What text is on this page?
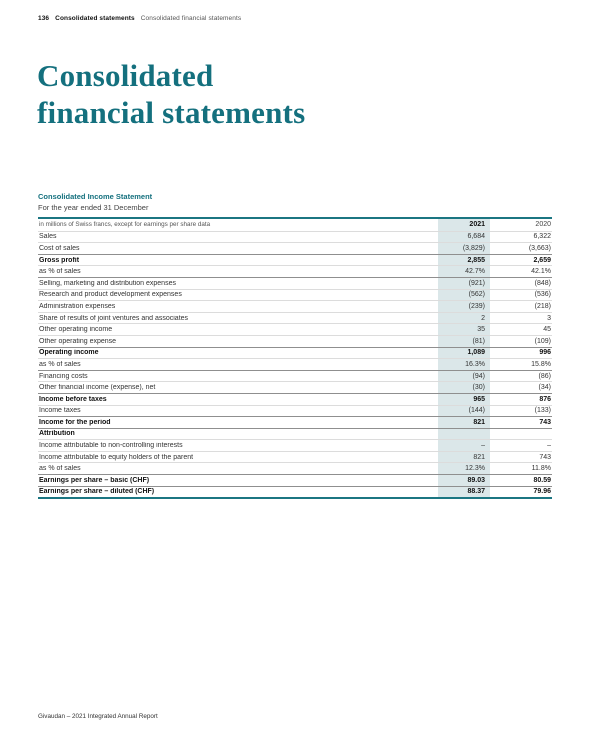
136 Consolidated statements Consolidated financial statements
Consolidated
financial statements
Consolidated Income Statement
For the year ended 31 December
in millions of Swiss francs, except for earnings per share data	2021	2020
Sales	6,684	6,322
Cost of sales	(3,829)	(3,663)
Gross profit	2,855	2,659
as % of sales	42.7%	42.1%
Selling, marketing and distribution expenses	(921)	(848)
Research and product development expenses	(562)	(536)
Administration expenses	(239)	(218)
Share of results of joint ventures and associates	2	3
Other operating income	35	45
Other operating expense	(81)	(109)
Operating income	1,089	996
as % of sales	16.3%	15.8%
Financing costs	(94)	(86)
Other financial income (expense), net	(30)	(34)
Income before taxes	965	876
Income taxes	(144)	(133)
Income for the period	821	743
Attribution
Income attributable to non-controlling interests	–	–
Income attributable to equity holders of the parent	821	743
as % of sales	12.3%	11.8%
Earnings per share – basic (CHF)	89.03	80.59
Earnings per share – diluted (CHF)	88.37	79.96
Givaudan – 2021 Integrated Annual Report
